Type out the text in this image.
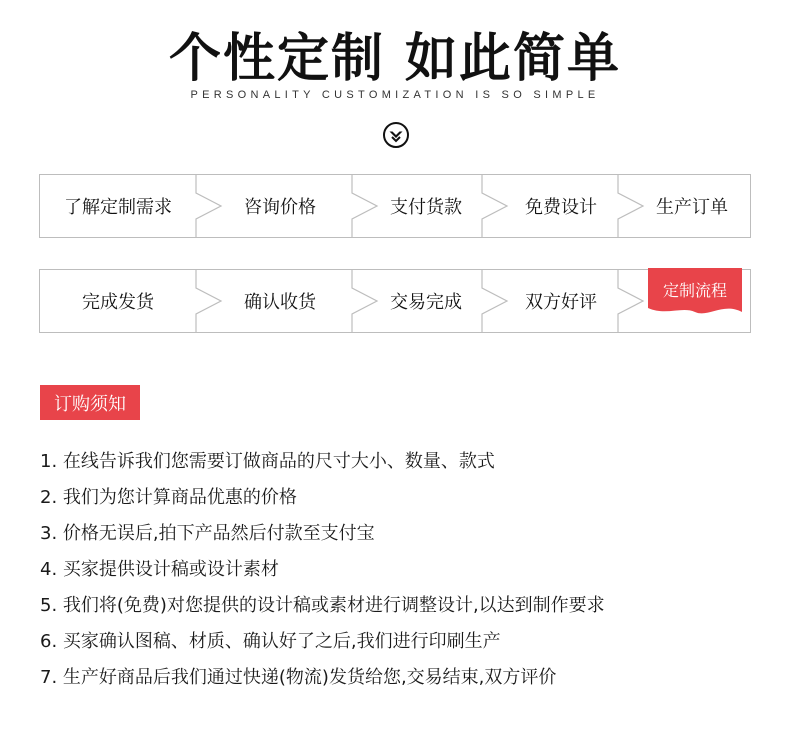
个性定制 如此简单
PERSONALITY CUSTOMIZATION IS SO SIMPLE
了解定制需求	咨询价格	支付货款	免费设计	生产订单
完成发货	确认收货	交易完成	双方好评
定制流程
订购须知
1. 在线告诉我们您需要订做商品的尺寸大小、数量、款式
2. 我们为您计算商品优惠的价格
3. 价格无误后,拍下产品然后付款至支付宝
4. 买家提供设计稿或设计素材
5. 我们将(免费)对您提供的设计稿或素材进行调整设计,以达到制作要求
6. 买家确认图稿、材质、确认好了之后,我们进行印刷生产
7. 生产好商品后我们通过快递(物流)发货给您,交易结束,双方评价
